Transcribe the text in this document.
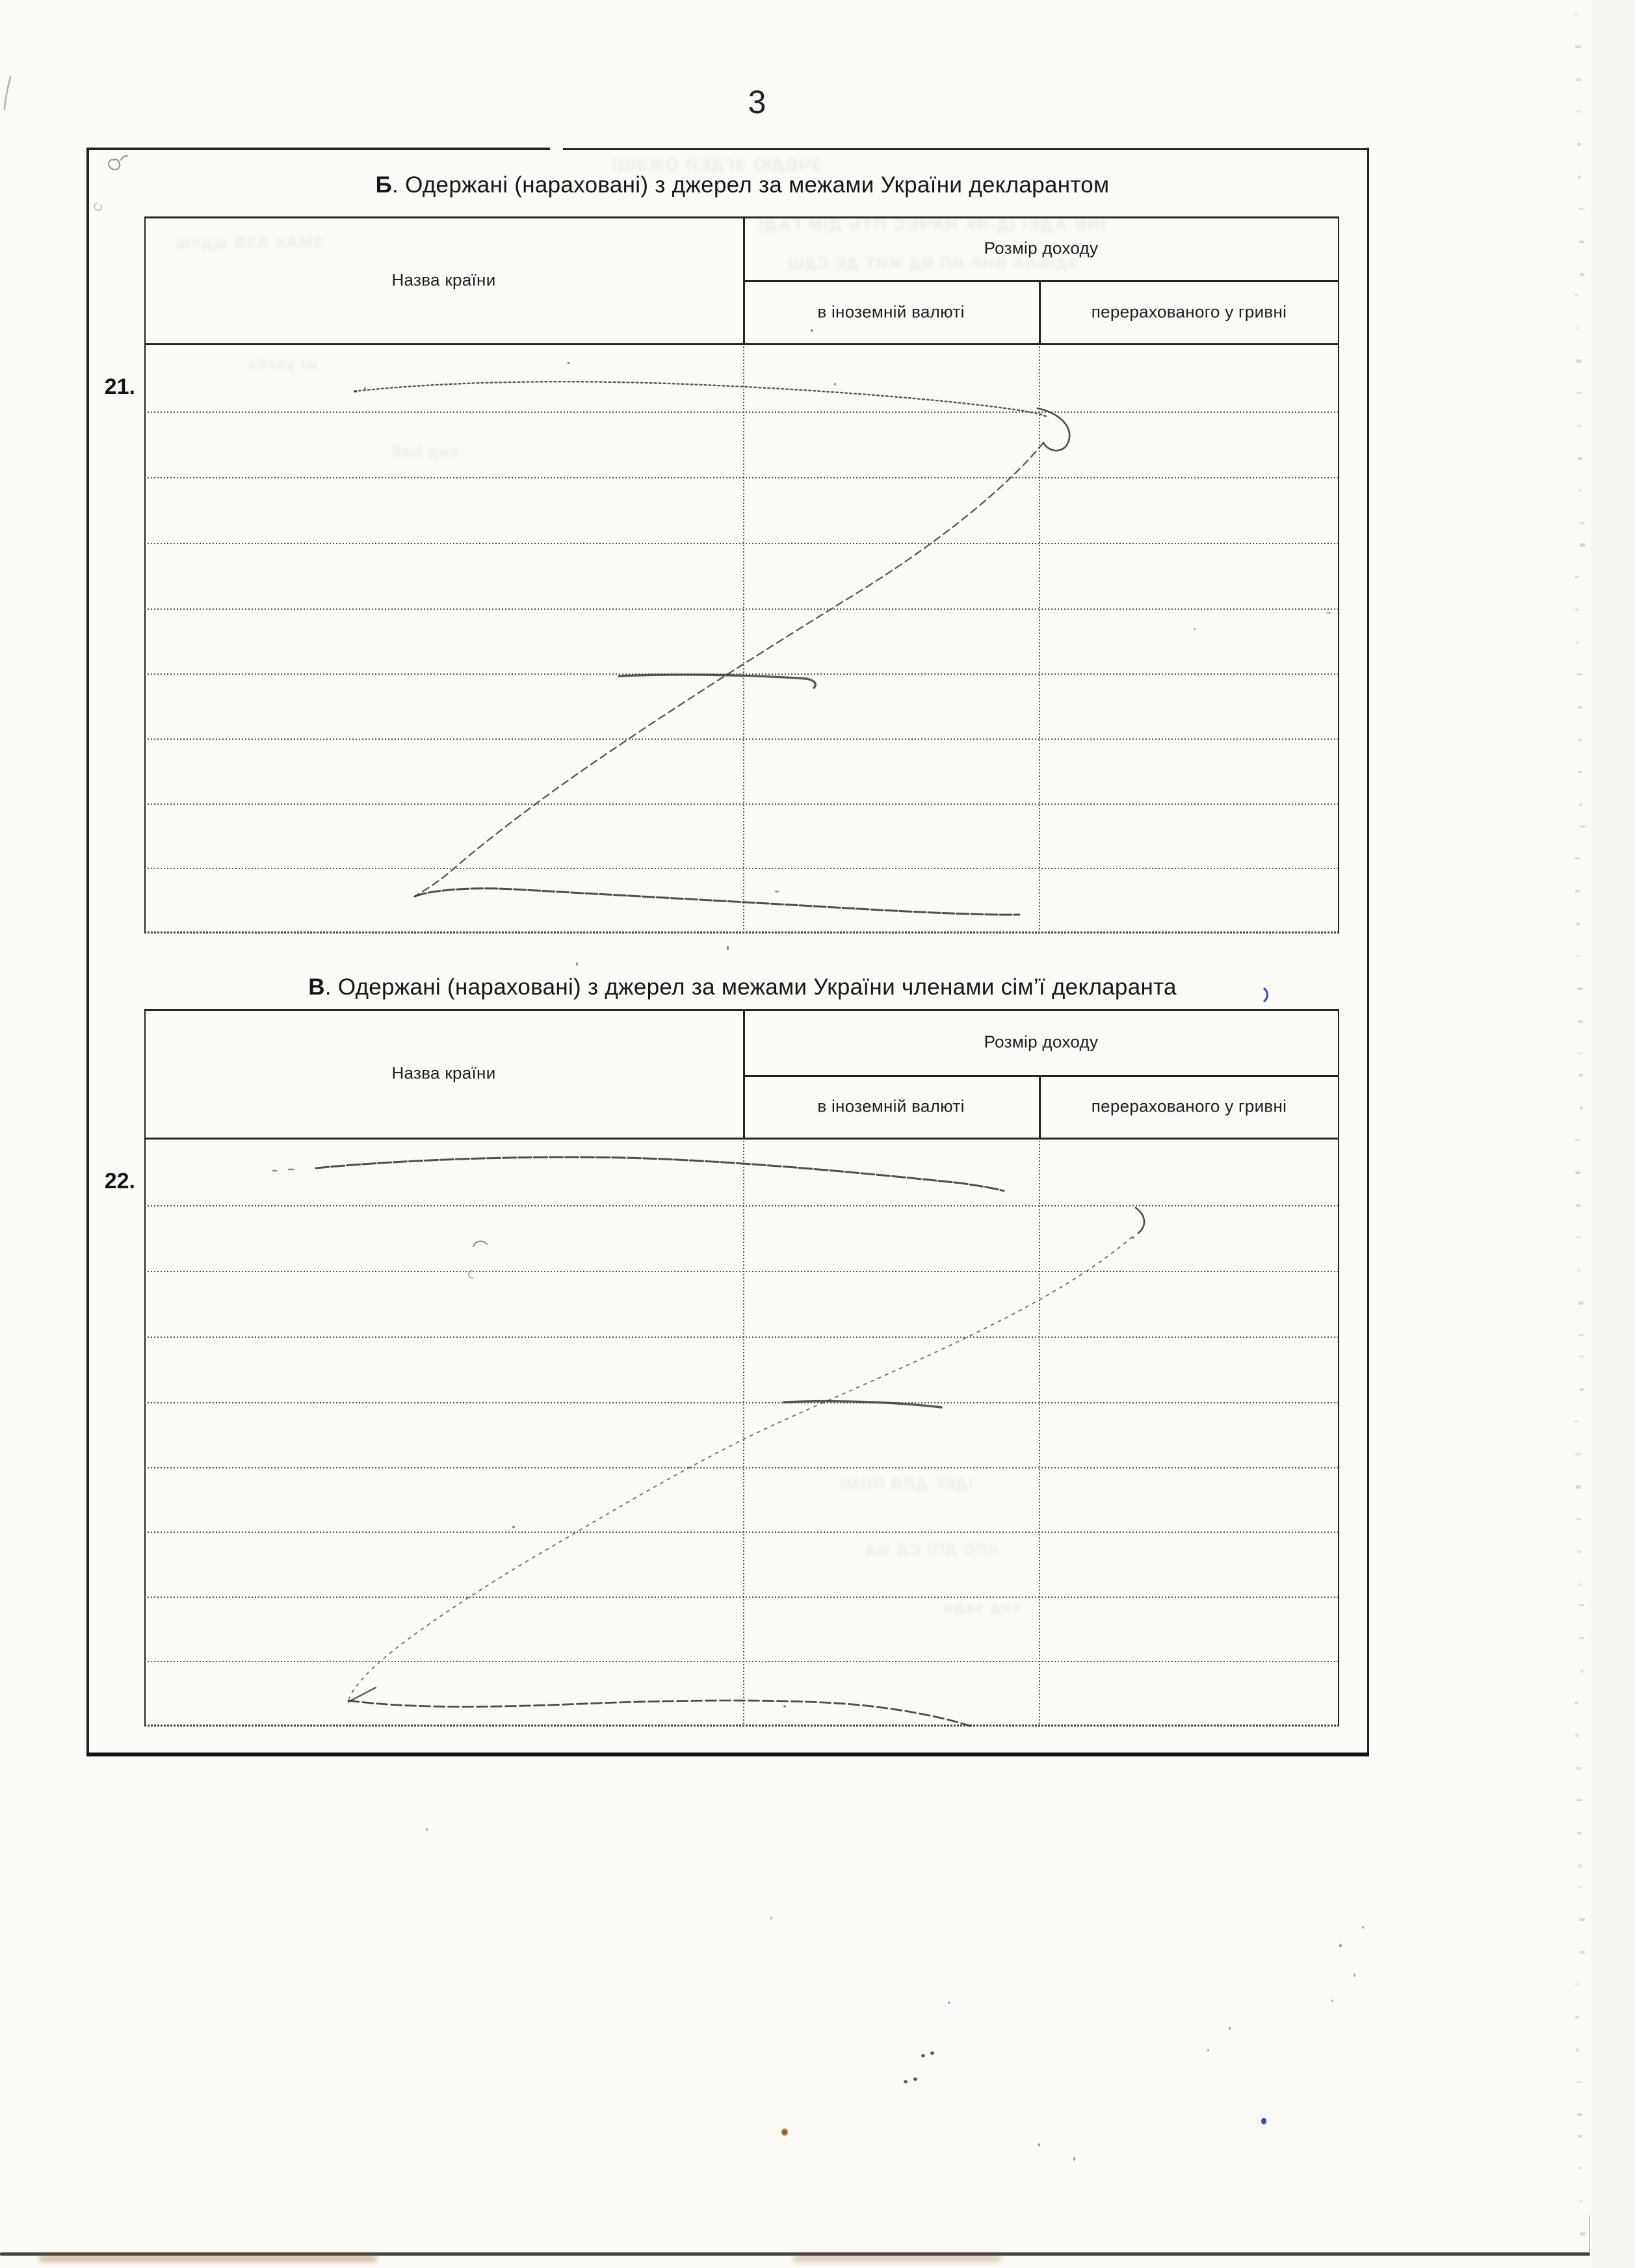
3
Б. Одержані (нараховані) з джерел за межами України декларантом
В. Одержані (нараховані) з джерел за межами України членами сім’ї декларанта
21.
22.
Назва країни
Розмір доходу
в іноземній валюті	перерахованого у гривні
Назва країни
Розмір доходу
в іноземній валюті	перерахованого у гривні
ЗЧВДЮ ЗГДЕЙ ОЖЗЩІ
ЇНВ АДЕІ ІД-ЯК НАЧЄС ПТЬ ДІМ ГАДІ
ЗДІБЛА ВИР ЯП ВД ЖИТ ДЕ СДЩ
ЗМАл АЗВ щдлщ
мі улсба
амд ЬаЕ
ІДЕГ ДЛЯ ПОМІ
лПС ДПІ СД шд
тнд задв
